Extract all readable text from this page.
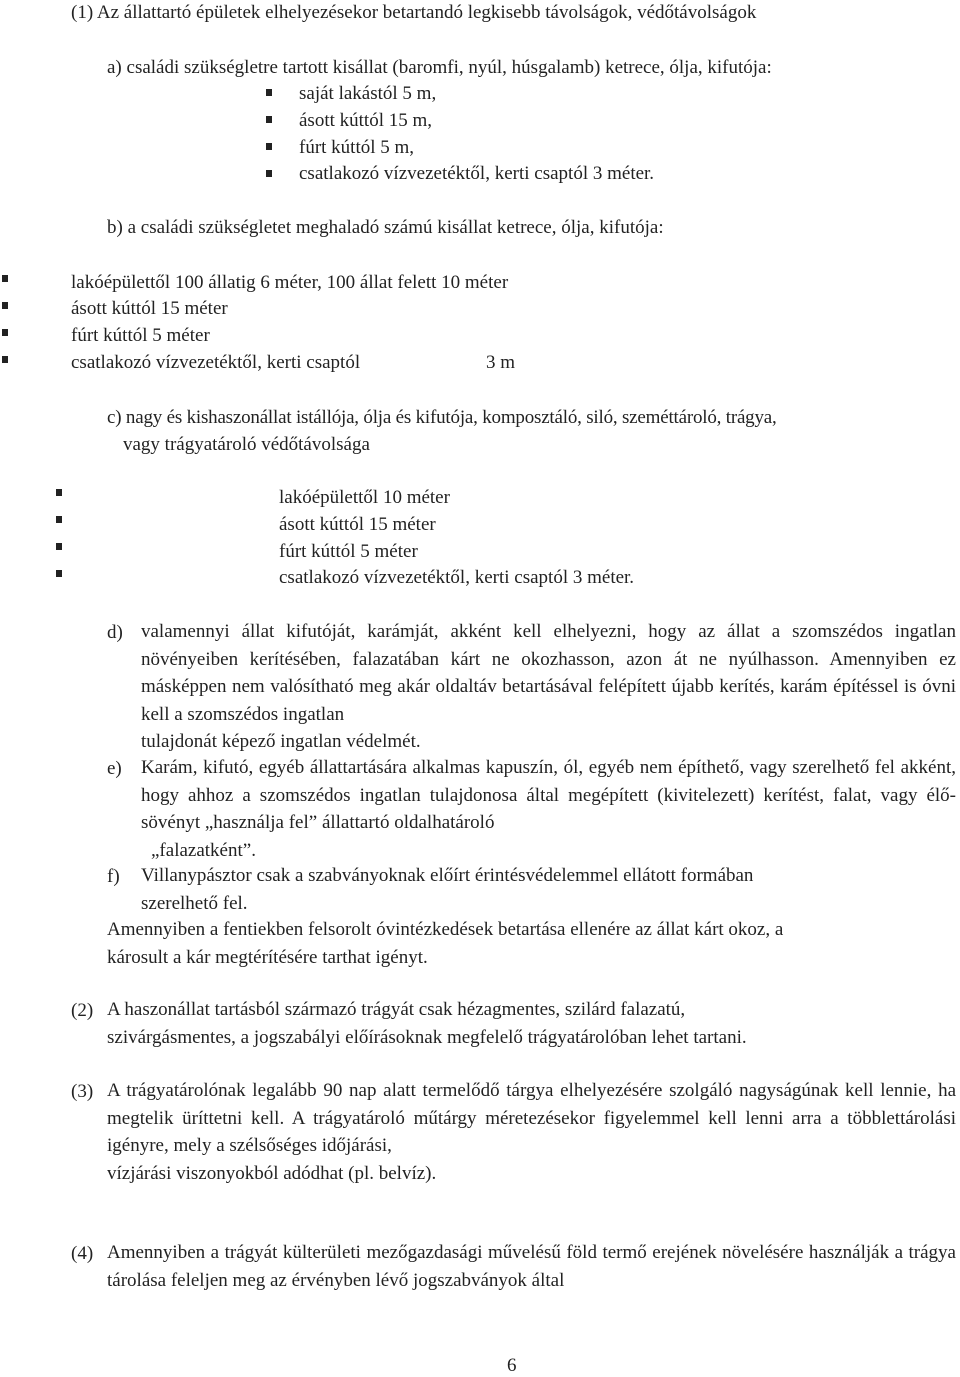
(1) Az állattartó épületek elhelyezésekor betartandó legkisebb távolságok, védőtávolságok
a) családi szükségletre tartott kisállat (baromfi, nyúl, húsgalamb) ketrece, ólja, kifutója:
saját lakástól 5 m,
ásott kúttól 15 m,
fúrt kúttól 5 m,
csatlakozó vízvezetéktől, kerti csaptól 3 méter.
b) a családi szükségletet meghaladó számú kisállat ketrece, ólja, kifutója:
lakóépülettől 100 állatig 6 méter, 100 állat felett 10 méter
ásott kúttól 15 méter
fúrt kúttól 5 méter
csatlakozó vízvezetéktől, kerti csaptól	3 m
c) nagy és kishaszonállat istállója, ólja és kifutója, komposztáló, siló, szeméttároló, trágya,
vagy trágyatároló védőtávolsága
lakóépülettől 10 méter
ásott kúttól 15 méter
fúrt kúttól 5 méter
csatlakozó vízvezetéktől, kerti csaptól 3 méter.
d) valamennyi állat kifutóját, karámját, akként kell elhelyezni, hogy az állat a szomszédos ingatlan növényeiben kerítésében, falazatában kárt ne okozhasson, azon át ne nyúlhasson. Amennyiben ez másképpen nem valósítható meg akár oldaltáv betartásával felépített újabb kerítés, karám építéssel is óvni kell a szomszédos ingatlan
tulajdonát képező ingatlan védelmét.
e) Karám, kifutó, egyéb állattartására alkalmas kapuszín, ól, egyéb nem építhető, vagy szerelhető fel akként, hogy ahhoz a szomszédos ingatlan tulajdonosa által megépített (kivitelezett) kerítést, falat, vagy élő-sövényt „használja fel” állattartó oldalhatároló
„falazatként”.
f) Villanypásztor csak a szabványoknak előírt érintésvédelemmel ellátott formában
szerelhető fel.
Amennyiben a fentiekben felsorolt óvintézkedések betartása ellenére az állat kárt okoz, a
károsult a kár megtérítésére tarthat igényt.
(2) A haszonállat tartásból származó trágyát csak hézagmentes, szilárd falazatú,
szivárgásmentes, a jogszabályi előírásoknak megfelelő trágyatárolóban lehet tartani.
(3) A trágyatárolónak legalább 90 nap alatt termelődő tárgya elhelyezésére szolgáló nagyságúnak kell lennie, ha megtelik üríttetni kell. A trágyatároló műtárgy méretezésekor figyelemmel kell lenni arra a többlettárolási igényre, mely a szélsőséges időjárási,
vízjárási viszonyokból adódhat (pl. belvíz).
(4) Amennyiben a trágyát külterületi mezőgazdasági művelésű föld termő erejének növelésére használják a trágya tárolása feleljen meg az érvényben lévő jogszabványok által
6
